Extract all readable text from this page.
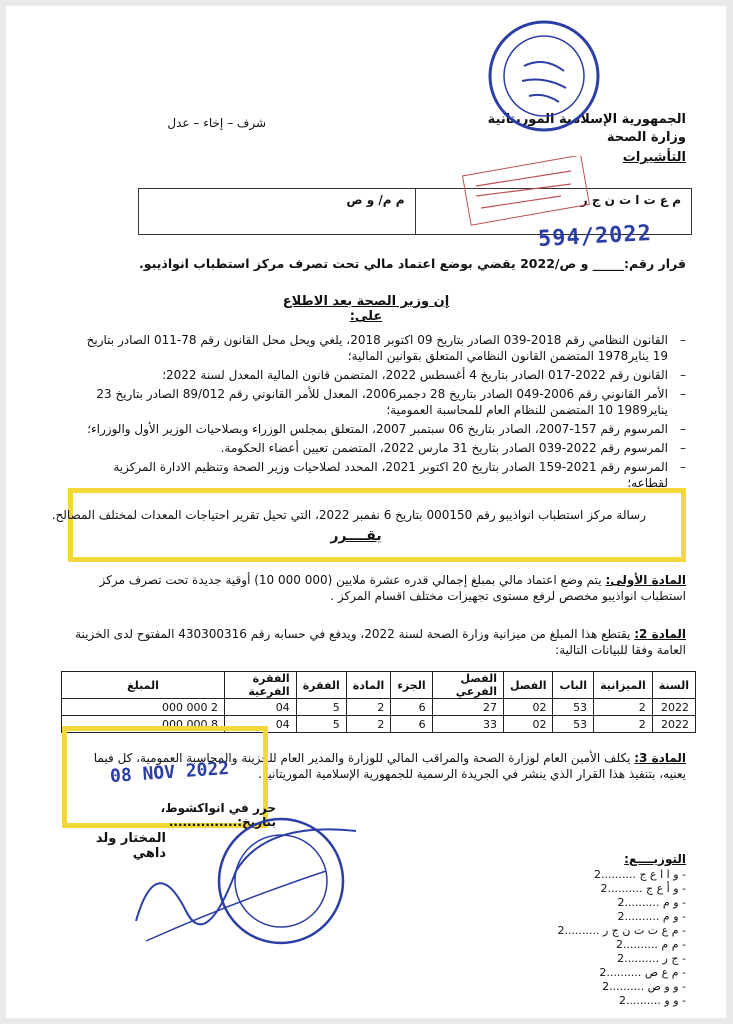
الجمهورية الإسلامية الموريتانية
وزارة الصحة
التأشيرات
شرف – إخاء – عدل
م ع ت ا ت ن ج ر
م م/ و ص
594/2022
قرار رقم:_____ و ص/2022 يقضي بوضع اعتماد مالي تحت تصرف مركز استطباب انواذيبو.
إن وزير الصحة بعد الاطلاع على:
– القانون النظامي رقم 2018-039 الصادر بتاريخ 09 اكتوبر 2018، يلغي ويحل محل القانون رقم 78-011 الصادر بتاريخ 19 يناير1978 المتضمن القانون النظامي المتعلق بقوانين المالية؛
– القانون رقم 2022-017 الصادر بتاريخ 4 أغسطس 2022، المتضمن قانون المالية المعدل لسنة 2022؛
– الأمر القانوني رقم 2006-049 الصادر بتاريخ 28 دجمبر2006، المعدل للأمر القانوني رقم 89/012 الصادر بتاريخ 23 يناير1989 10 المتضمن للنظام العام للمحاسبة العمومية؛
– المرسوم رقم 157-2007، الصادر بتاريخ 06 سبتمبر 2007، المتعلق بمجلس الوزراء وبصلاحيات الوزير الأول والوزراء؛
– المرسوم رقم 2022-039 الصادر بتاريخ 31 مارس 2022، المتضمن تعيين أعضاء الحكومة.
– المرسوم رقم 2021-159 الصادر بتاريخ 20 اكتوبر 2021، المحدد لصلاحيات وزير الصحة وتنظيم الادارة المركزية لقطاعه؛
رسالة مركز استطباب انواذيبو رقم 000150 بتاريخ 6 نفمبر 2022، التي تحيل تقرير احتياجات المعدات لمختلف المصالح.
يقــــرر
المادة الأولى: يتم وضع اعتماد مالي بمبلغ إجمالي قدره عشرة ملايين (000 000 10) أوقية جديدة تحت تصرف مركز استطباب انواذيبو مخصص لرفع مستوى تجهيزات مختلف اقسام المركز .
المادة 2: يقتطع هذا المبلغ من ميزانية وزارة الصحة لسنة 2022، ويدفع في حسابه رقم 430300316 المفتوح لدى الخزينة العامة وفقا للبيانات التالية:
السنة	الميزانية	الباب	الفصل	الفصل الفرعي	الجزء	المادة	الفقرة	الفقرة الفرعية	المبلغ
2022	2	53	02	27	6	2	5	04	2 000 000
2022	2	53	02	33	6	2	5	04	8 000 000
المادة 3: يكلف الأمين العام لوزارة الصحة والمراقب المالي للوزارة والمدير العام للخزينة والمحاسبة العمومية، كل فيما يعنيه، بتنفيذ هذا القرار الذي ينشر في الجريدة الرسمية للجمهورية الإسلامية الموريتانية.
08 NOV 2022
حرر في انواكشوط، بتاريخ:...............
المختار ولد داهي	التوزيــــع:
- و ا ا ع ج ..........2
- و أ ع ج ..........2
- و م ..........2
- و م ..........2
- م ع ت ت ن ج ر ..........2
- م م ..........2
- ج ر ..........2
- م ع ص ..........2
- و و ص ..........2
- و و ..........2
